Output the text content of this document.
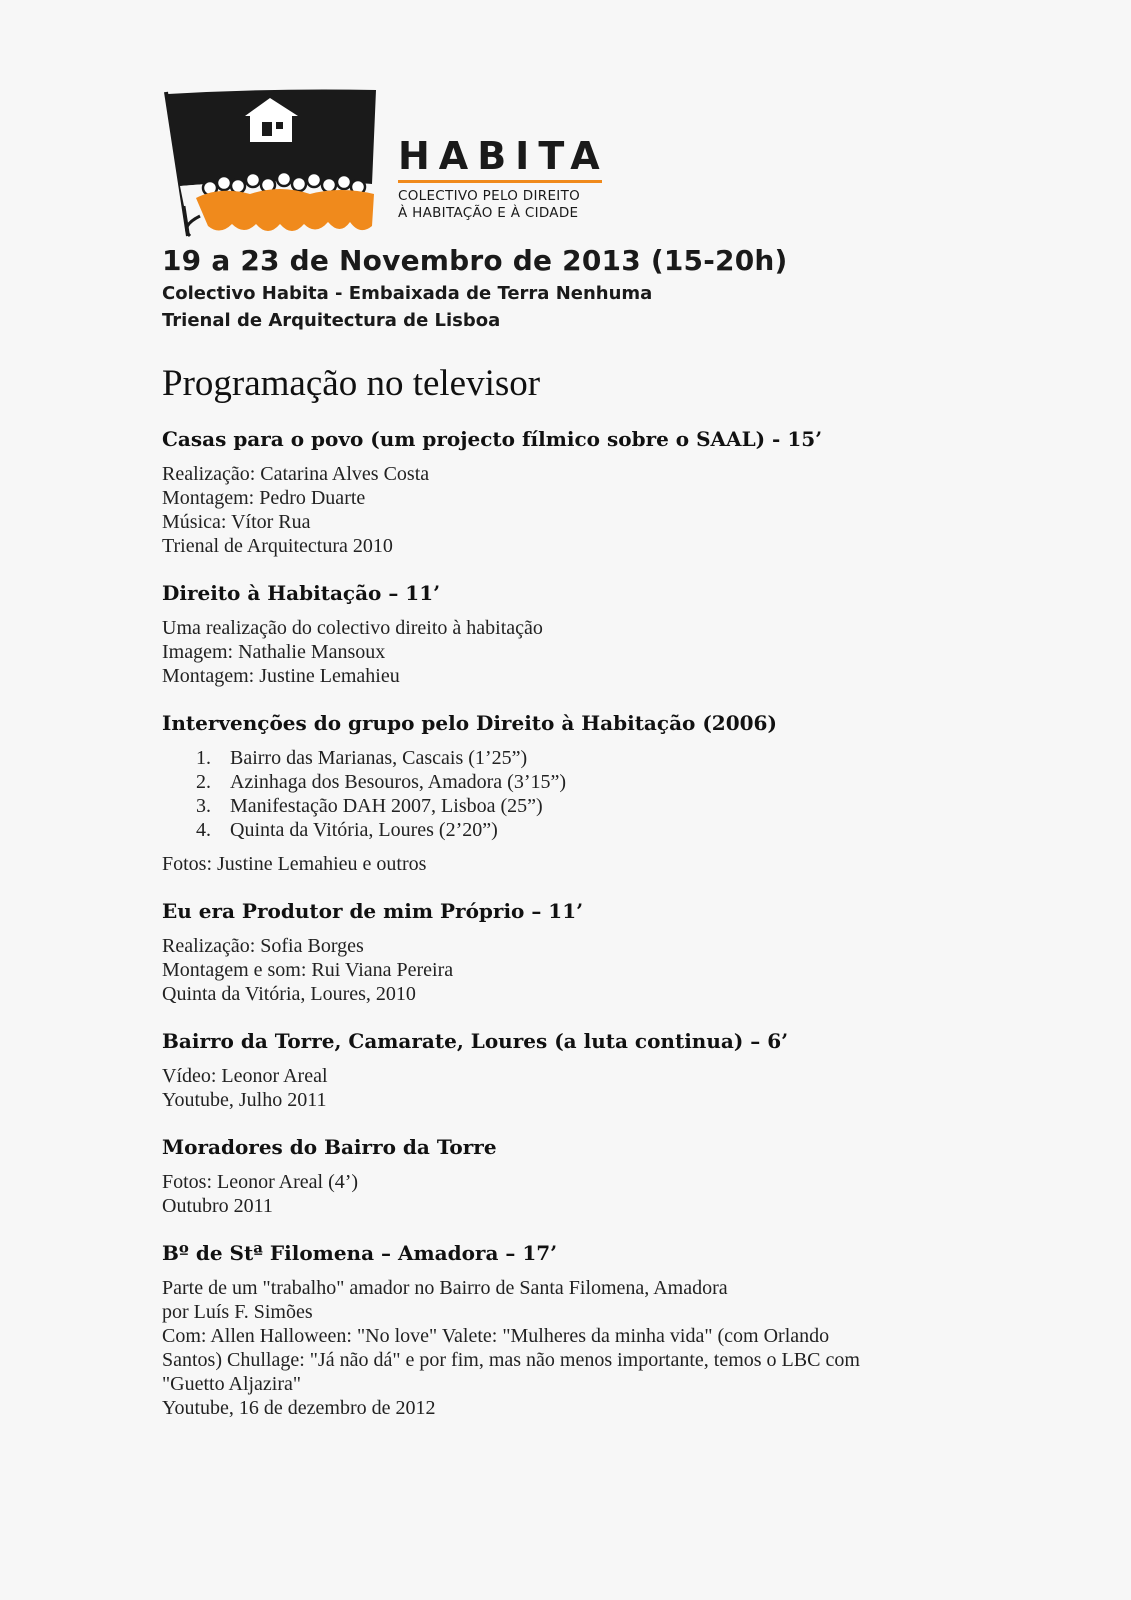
HABITA
COLECTIVO PELO DIREITO
À HABITAÇÃO E À CIDADE
19 a 23 de Novembro de 2013 (15-20h)
Colectivo Habita - Embaixada de Terra Nenhuma
Trienal de Arquitectura de Lisboa
Programação no televisor
Casas para o povo (um projecto fílmico sobre o SAAL) - 15’

Realização: Catarina Alves Costa

Montagem: Pedro Duarte

Música: Vítor Rua

Trienal de Arquitectura 2010

Direito à Habitação – 11’

Uma realização do colectivo direito à habitação

Imagem: Nathalie Mansoux

Montagem: Justine Lemahieu

Intervenções do grupo pelo Direito à Habitação (2006)
1. Bairro das Marianas, Cascais (1’25”)
2. Azinhaga dos Besouros, Amadora (3’15”)
3. Manifestação DAH 2007, Lisboa (25”)
4. Quinta da Vitória, Loures (2’20”)

Fotos: Justine Lemahieu e outros

Eu era Produtor de mim Próprio – 11’

Realização: Sofia Borges

Montagem e som: Rui Viana Pereira

Quinta da Vitória, Loures, 2010

Bairro da Torre, Camarate, Loures (a luta continua) – 6’

Vídeo: Leonor Areal

Youtube, Julho 2011

Moradores do Bairro da Torre

Fotos: Leonor Areal (4’)

Outubro 2011

Bº de Stª Filomena – Amadora – 17’

Parte de um "trabalho" amador no Bairro de Santa Filomena, Amadora

por Luís F. Simões

Com: Allen Halloween: "No love" Valete: "Mulheres da minha vida" (com Orlando

Santos) Chullage: "Já não dá" e por fim, mas não menos importante, temos o LBC com

"Guetto Aljazira"

Youtube, 16 de dezembro de 2012
